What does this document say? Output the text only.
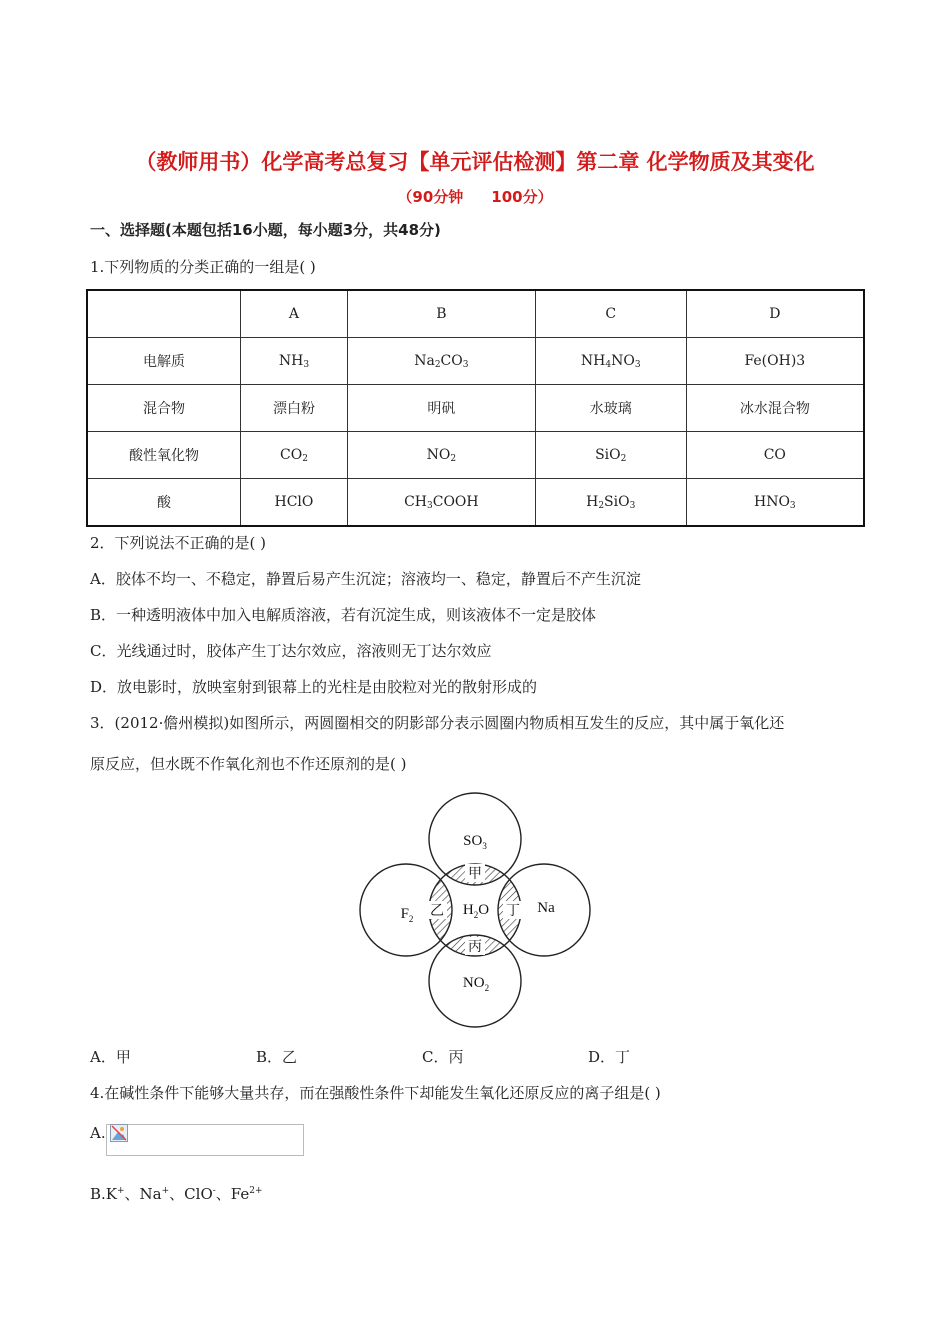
（教师用书）化学高考总复习【单元评估检测】第二章 化学物质及其变化
（90分钟 100分）
一、选择题(本题包括16小题，每小题3分，共48分)
1.下列物质的分类正确的一组是( )
	A	B	C	D
电解质	$NH_3$	$Na_2CO_3$	$NH_4NO_3$	Fe(OH)3
混合物	漂白粉	明矾	水玻璃	冰水混合物
酸性氧化物	$CO_2$	$NO_2$	SiO$_2$	CO
酸	HClO	$CH_3COOH$	$H_2SiO_3$	$HNO_3$
2．下列说法不正确的是( )
A．胶体不均一、不稳定，静置后易产生沉淀；溶液均一、稳定，静置后不产生沉淀
B．一种透明液体中加入电解质溶液，若有沉淀生成，则该液体不一定是胶体
C．光线通过时，胶体产生丁达尔效应，溶液则无丁达尔效应
D．放电影时，放映室射到银幕上的光柱是由胶粒对光的散射形成的
3．(2012·儋州模拟)如图所示，两圆圈相交的阴影部分表示圆圈内物质相互发生的反应，其中属于氧化还
原反应，但水既不作氧化剂也不作还原剂的是( )
$SO_3$
$F_2$
Na
$NO_2$
$H_2O$
甲
乙	丁
丙
A．甲	B．乙	C．丙	D．丁
4.在碱性条件下能够大量共存，而在强酸性条件下却能发生氧化还原反应的离子组是( )
A.
B.K+、Na+、ClO-、$Fe^{2+}$
